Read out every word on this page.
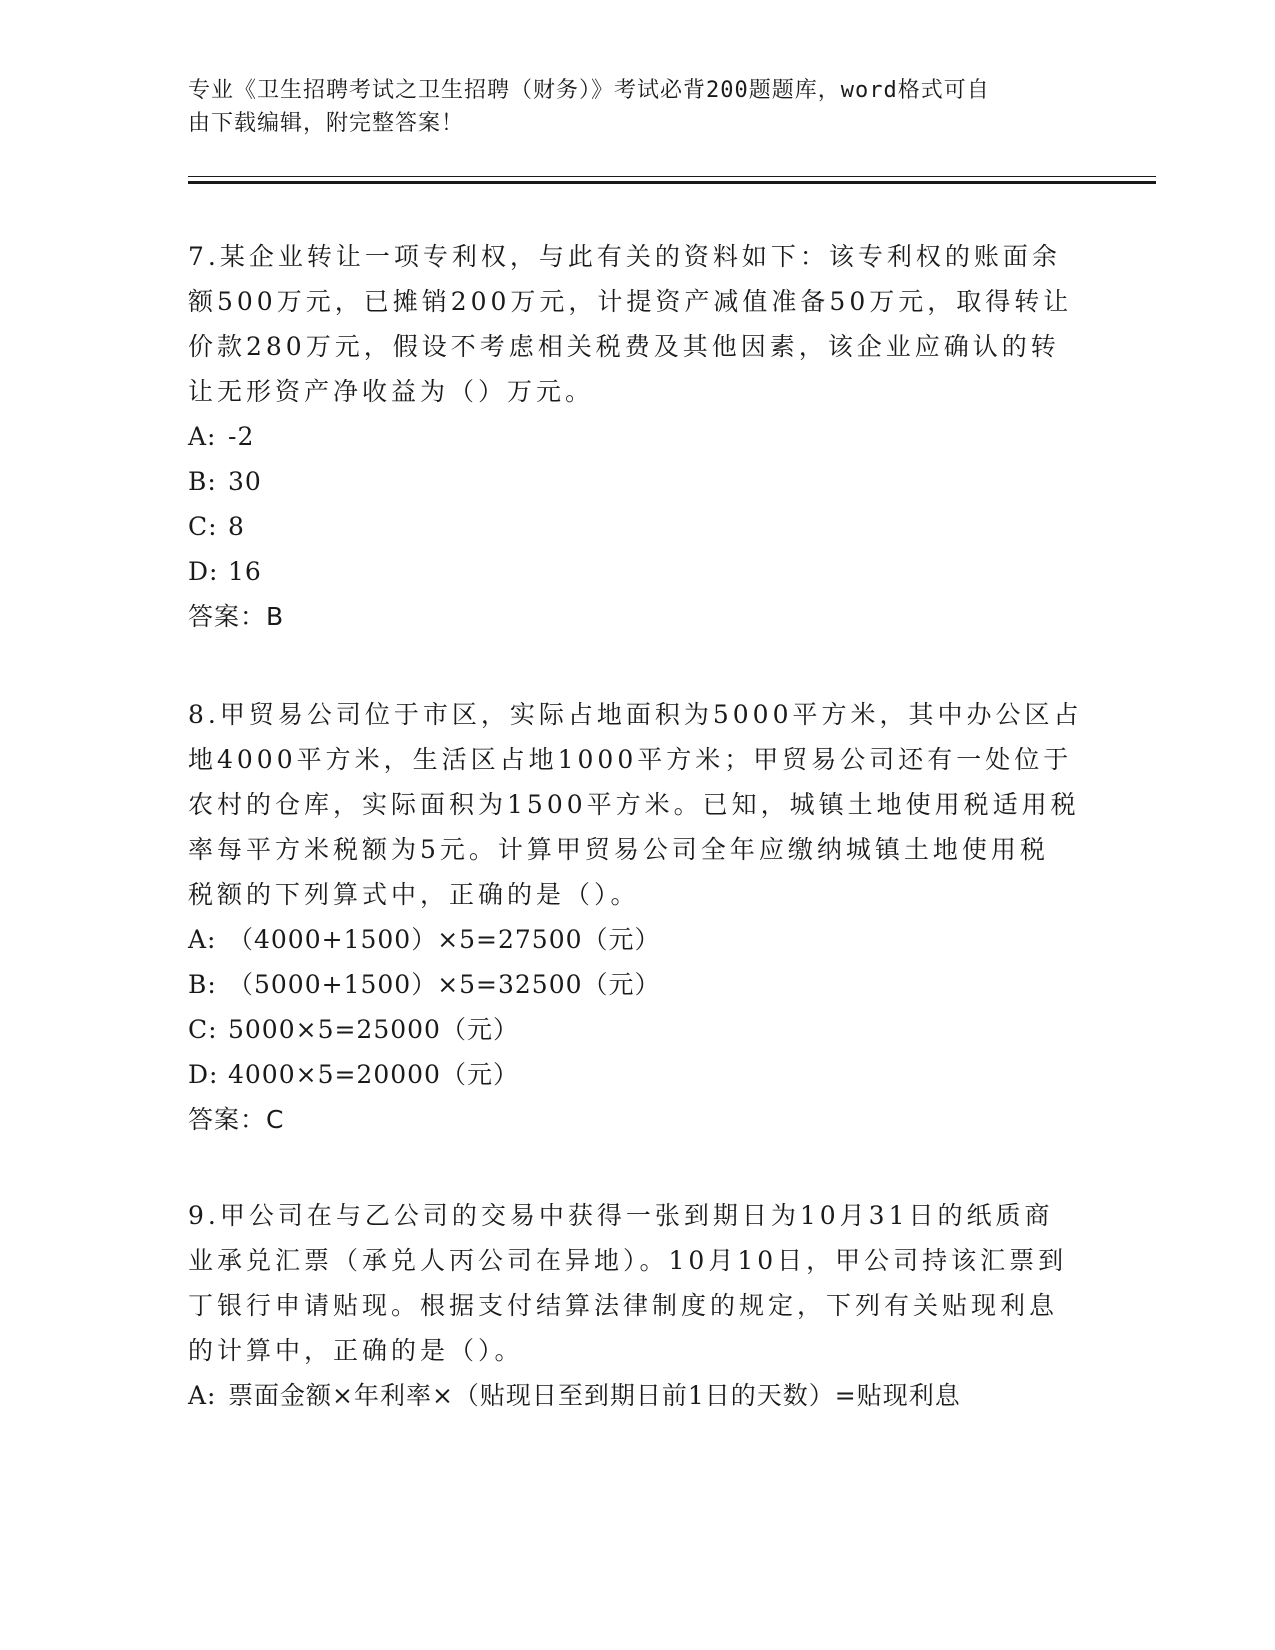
专业《卫生招聘考试之卫生招聘（财务）》考试必背200题题库，word格式可自
由下载编辑，附完整答案！

7.某企业转让一项专利权，与此有关的资料如下：该专利权的账面余

额500万元，已摊销200万元，计提资产减值准备50万元，取得转让

价款280万元，假设不考虑相关税费及其他因素，该企业应确认的转

让无形资产净收益为（）万元。

A: -2

B: 30

C: 8

D: 16

答案：B

8.甲贸易公司位于市区，实际占地面积为5000平方米，其中办公区占

地4000平方米，生活区占地1000平方米；甲贸易公司还有一处位于

农村的仓库，实际面积为1500平方米。已知，城镇土地使用税适用税

率每平方米税额为5元。计算甲贸易公司全年应缴纳城镇土地使用税

税额的下列算式中，正确的是（）。

A: （4000+1500）×5=27500（元）

B: （5000+1500）×5=32500（元）

C: 5000×5=25000（元）

D: 4000×5=20000（元）

答案：C

9.甲公司在与乙公司的交易中获得一张到期日为10月31日的纸质商

业承兑汇票（承兑人丙公司在异地）。10月10日，甲公司持该汇票到

丁银行申请贴现。根据支付结算法律制度的规定，下列有关贴现利息

的计算中，正确的是（）。

A: 票面金额×年利率×（贴现日至到期日前1日的天数）=贴现利息
